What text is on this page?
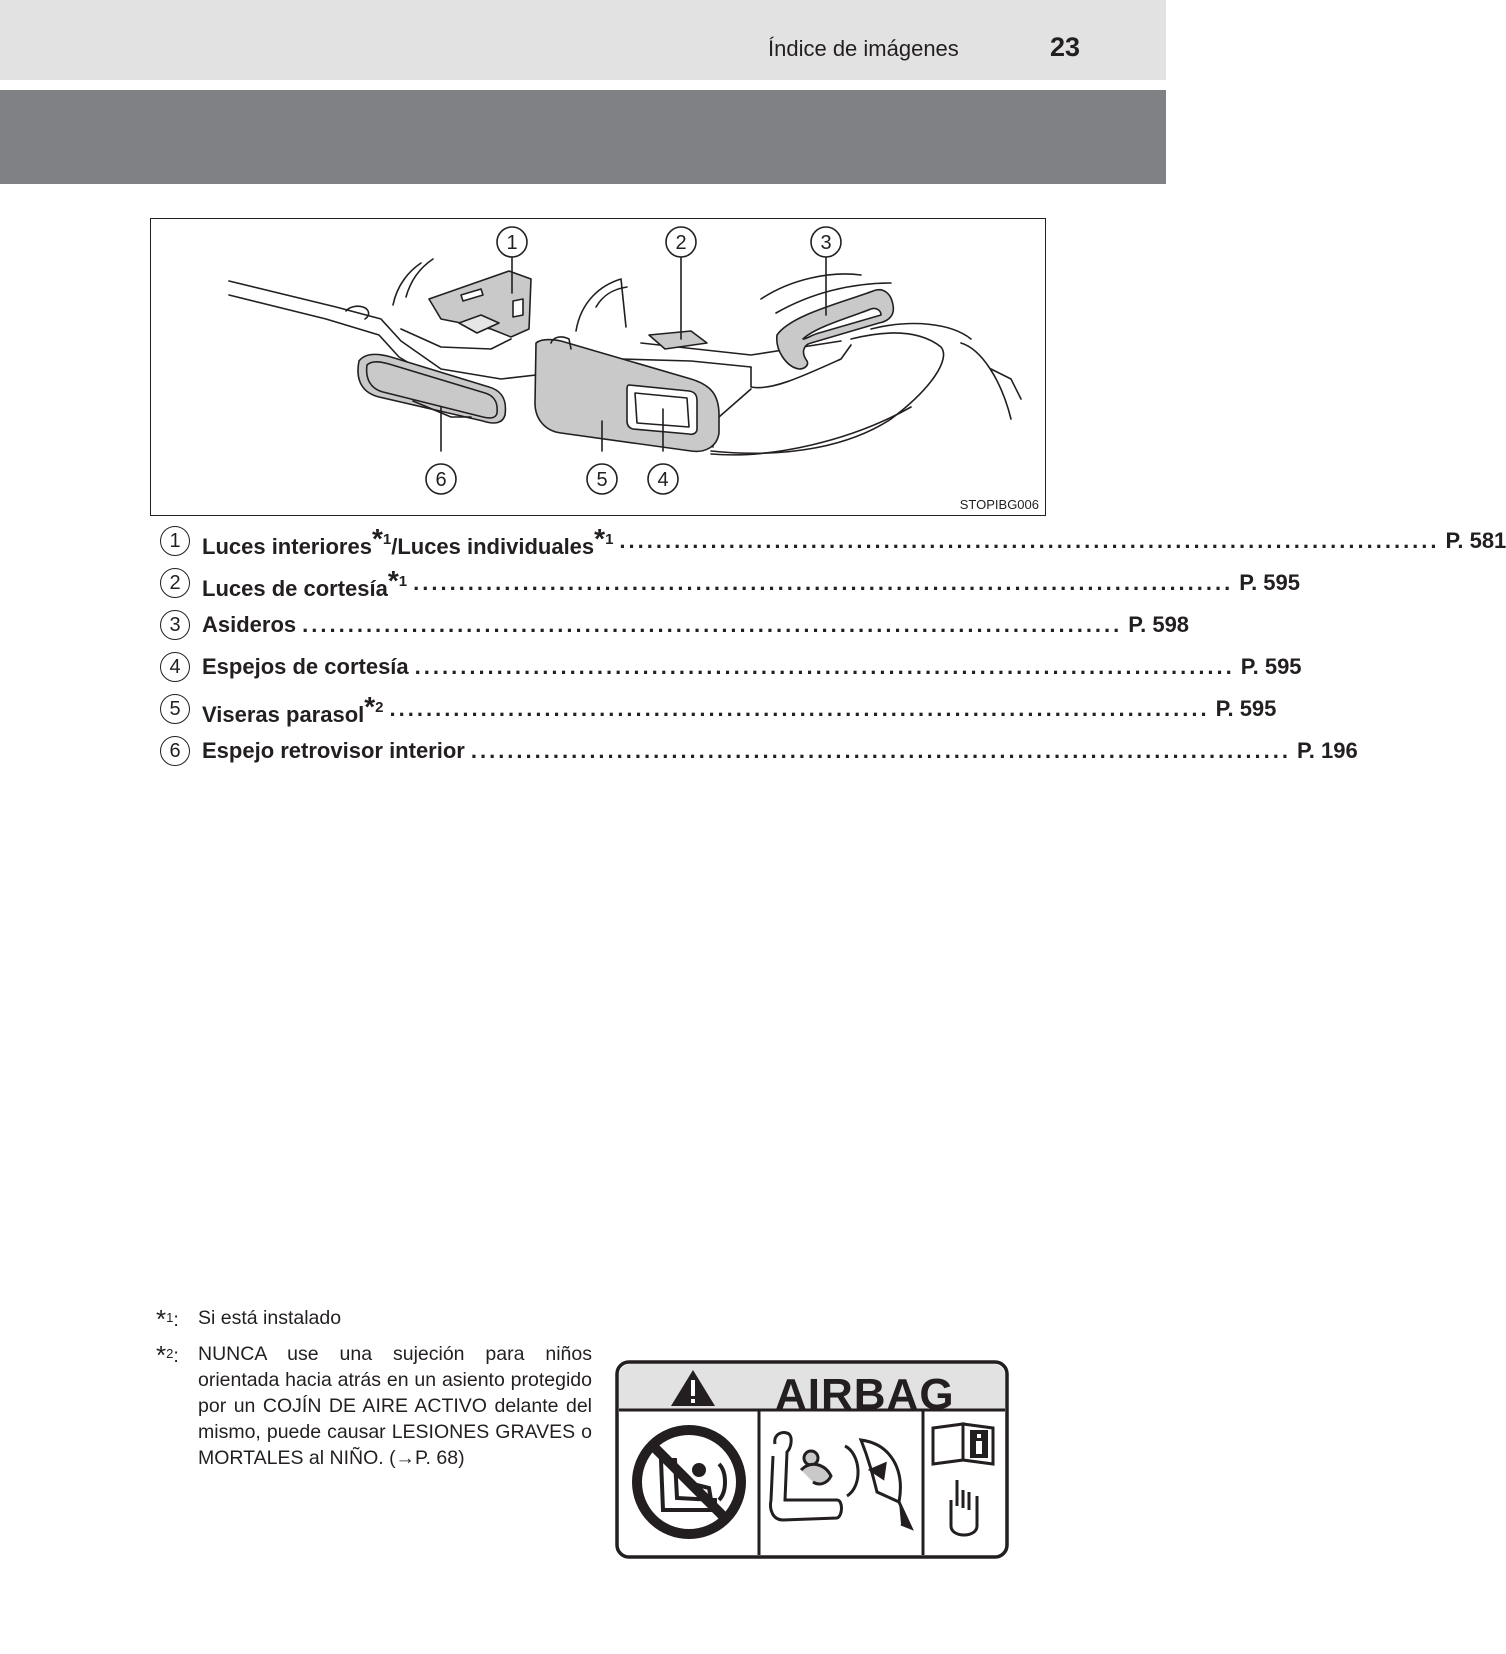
Índice de imágenes	23
1	2	3
6	5 4
STOPIBG006
1 Luces interiores*$^1$/Luces individuales*$^1$ .......................................................................................... P. 581
2 Luces de cortesía*$^1$ .......................................................................................... P. 595
3 Asideros .......................................................................................... P. 598
4 Espejos de cortesía .......................................................................................... P. 595
5 Viseras parasol*$^2$ .......................................................................................... P. 595
6 Espejo retrovisor interior .......................................................................................... P. 196
*$^1$: Si está instalado
*$^2$: NUNCA use una sujeción para niños orientada hacia atrás en un asiento protegido por un COJÍN DE AIRE ACTIVO delante del mismo, puede causar LESIONES GRAVES o MORTALES al NIÑO. (→P. 68)
AIRBAG
